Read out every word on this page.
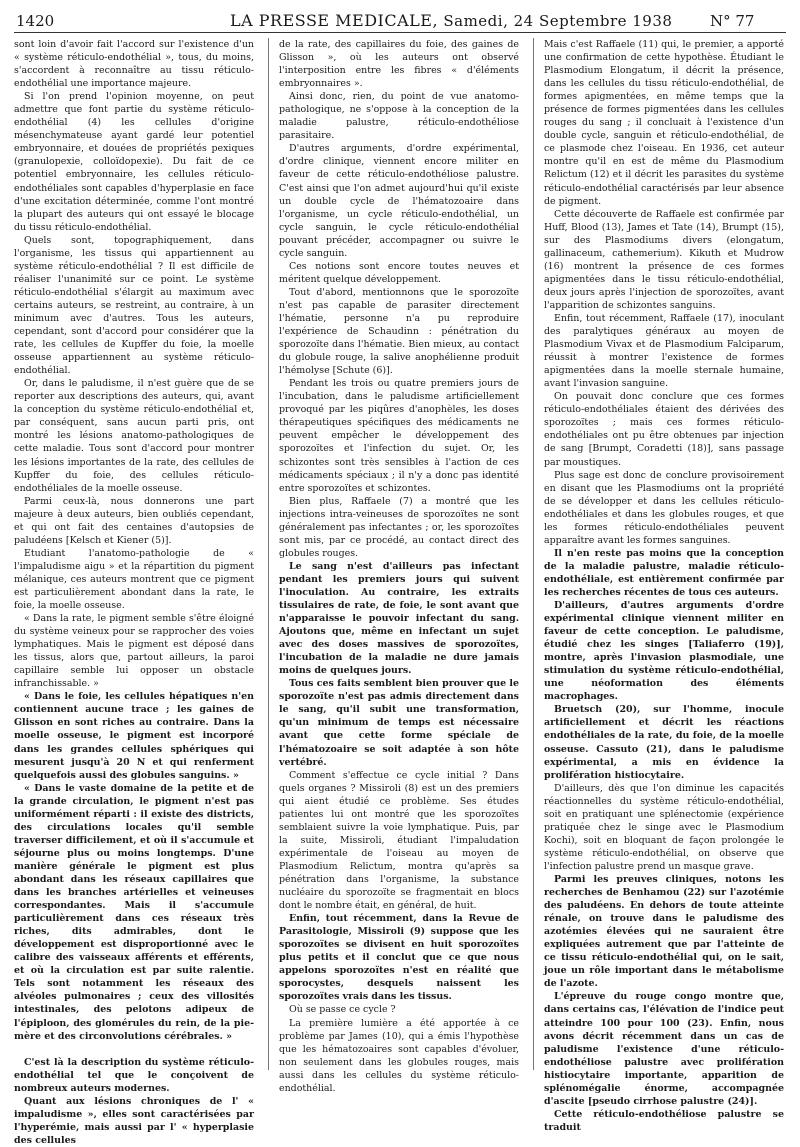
1420	LA PRESSE MEDICALE, Samedi, 24 Septembre 1938	N° 77

sont loin d'avoir fait l'accord sur l'existence d'un « système réticulo-endothélial », tous, du moins, s'accordent à reconnaître au tissu réticulo-endothélial une importance majeure.

Si l'on prend l'opinion moyenne, on peut admettre que font partie du système réticulo-endothélial (4) les cellules d'origine mésenchymateuse ayant gardé leur potentiel embryonnaire, et douées de propriétés pexiques (granulopexie, colloïdopexie). Du fait de ce potentiel embryonnaire, les cellules réticulo-endothéliales sont capables d'hyperplasie en face d'une excitation déterminée, comme l'ont montré la plupart des auteurs qui ont essayé le blocage du tissu réticulo-endothélial.

Quels sont, topographiquement, dans l'organisme, les tissus qui appartiennent au système réticulo-endothélial ? Il est difficile de réaliser l'unanimité sur ce point. Le système réticulo-endothélial s'élargit au maximum avec certains auteurs, se restreint, au contraire, à un minimum avec d'autres. Tous les auteurs, cependant, sont d'accord pour considérer que la rate, les cellules de Kupffer du foie, la moelle osseuse appartiennent au système réticulo-endothélial.

Or, dans le paludisme, il n'est guère que de se reporter aux descriptions des auteurs, qui, avant la conception du système réticulo-endothélial et, par conséquent, sans aucun parti pris, ont montré les lésions anatomo-pathologiques de cette maladie. Tous sont d'accord pour montrer les lésions importantes de la rate, des cellules de Kupffer du foie, des cellules réticulo-endothéliales de la moelle osseuse.

Parmi ceux-là, nous donnerons une part majeure à deux auteurs, bien oubliés cependant, et qui ont fait des centaines d'autopsies de paludéens [Kelsch et Kiener (5)].

Etudiant l'anatomo-pathologie de « l'impaludisme aigu » et la répartition du pigment mélanique, ces auteurs montrent que ce pigment est particulièrement abondant dans la rate, le foie, la moelle osseuse.

« Dans la rate, le pigment semble s'être éloigné du système veineux pour se rapprocher des voies lymphatiques. Mais le pigment est déposé dans les tissus, alors que, partout ailleurs, la paroi capillaire semble lui opposer un obstacle infranchissable. »

« Dans le foie, les cellules hépatiques n'en contiennent aucune trace ; les gaines de Glisson en sont riches au contraire. Dans la moelle osseuse, le pigment est incorporé dans les grandes cellules sphériques qui mesurent jusqu'à 20 N et qui renferment quelquefois aussi des globules sanguins. »

« Dans le vaste domaine de la petite et de la grande circulation, le pigment n'est pas uniformément réparti : il existe des districts, des circulations locales qu'il semble traverser difficilement, et où il s'accumule et séjourne plus ou moins longtemps. D'une manière générale le pigment est plus abondant dans les réseaux capillaires que dans les branches artérielles et veineuses correspondantes. Mais il s'accumule particulièrement dans ces réseaux très riches, dits admirables, dont le développement est disproportionné avec le calibre des vaisseaux afférents et efférents, et où la circulation est par suite ralentie. Tels sont notamment les réseaux des alvéoles pulmonaires ; ceux des villosités intestinales, des pelotons adipeux de l'épiploon, des glomérules du rein, de la pie-mère et des circonvolutions cérébrales. »

C'est là la description du système réticulo-endothélial tel que le conçoivent de nombreux auteurs modernes.

Quant aux lésions chroniques de l' « impaludisme », elles sont caractérisées par l'hyperémie, mais aussi par l' « hyperplasie des cellules

de la rate, des capillaires du foie, des gaines de Glisson », où les auteurs ont observé l'interposition entre les fibres « d'éléments embryonnaires ».

Ainsi donc, rien, du point de vue anatomo-pathologique, ne s'oppose à la conception de la maladie palustre, réticulo-endothéliose parasitaire.

D'autres arguments, d'ordre expérimental, d'ordre clinique, viennent encore militer en faveur de cette réticulo-endothéliose palustre. C'est ainsi que l'on admet aujourd'hui qu'il existe un double cycle de l'hématozoaire dans l'organisme, un cycle réticulo-endothélial, un cycle sanguin, le cycle réticulo-endothélial pouvant précéder, accompagner ou suivre le cycle sanguin.

Ces notions sont encore toutes neuves et méritent quelque développement.

Tout d'abord, mentionnons que le sporozoïte n'est pas capable de parasiter directement l'hématie, personne n'a pu reproduire l'expérience de Schaudinn : pénétration du sporozoïte dans l'hématie. Bien mieux, au contact du globule rouge, la salive anophélienne produit l'hémolyse [Schute (6)].

Pendant les trois ou quatre premiers jours de l'incubation, dans le paludisme artificiellement provoqué par les piqûres d'anophèles, les doses thérapeutiques spécifiques des médicaments ne peuvent empêcher le développement des sporozoïtes et l'infection du sujet. Or, les schizontes sont très sensibles à l'action de ces médicaments spéciaux ; il n'y a donc pas identité entre sporozoïtes et schizontes.

Bien plus, Raffaele (7) a montré que les injections intra-veineuses de sporozoïtes ne sont généralement pas infectantes ; or, les sporozoïtes sont mis, par ce procédé, au contact direct des globules rouges.

Le sang n'est d'ailleurs pas infectant pendant les premiers jours qui suivent l'inoculation. Au contraire, les extraits tissulaires de rate, de foie, le sont avant que n'apparaisse le pouvoir infectant du sang. Ajoutons que, même en infectant un sujet avec des doses massives de sporozoïtes, l'incubation de la maladie ne dure jamais moins de quelques jours.

Tous ces faits semblent bien prouver que le sporozoïte n'est pas admis directement dans le sang, qu'il subit une transformation, qu'un minimum de temps est nécessaire avant que cette forme spéciale de l'hématozoaire se soit adaptée à son hôte vertébré.

Comment s'effectue ce cycle initial ? Dans quels organes ? Missiroli (8) est un des premiers qui aient étudié ce problème. Ses études patientes lui ont montré que les sporozoïtes semblaient suivre la voie lymphatique. Puis, par la suite, Missiroli, étudiant l'impaludation expérimentale de l'oiseau au moyen de Plasmodium Relictum, montra qu'après sa pénétration dans l'organisme, la substance nucléaire du sporozoïte se fragmentait en blocs dont le nombre était, en général, de huit.

Enfin, tout récemment, dans la Revue de Parasitologie, Missiroli (9) suppose que les sporozoïtes se divisent en huit sporozoïtes plus petits et il conclut que ce que nous appelons sporozoïtes n'est en réalité que sporocystes, desquels naissent les sporozoïtes vrais dans les tissus.

Où se passe ce cycle ?

La première lumière a été apportée à ce problème par James (10), qui a émis l'hypothèse que les hématozoaires sont capables d'évoluer, non seulement dans les globules rouges, mais aussi dans les cellules du système réticulo-endothélial.

Mais c'est Raffaele (11) qui, le premier, a apporté une confirmation de cette hypothèse. Étudiant le Plasmodium Elongatum, il décrit la présence, dans les cellules du tissu réticulo-endothélial, de formes apigmentées, en même temps que la présence de formes pigmentées dans les cellules rouges du sang ; il concluait à l'existence d'un double cycle, sanguin et réticulo-endothélial, de ce plasmode chez l'oiseau. En 1936, cet auteur montre qu'il en est de même du Plasmodium Relictum (12) et il décrit les parasites du système réticulo-endothélial caractérisés par leur absence de pigment.

Cette découverte de Raffaele est confirmée par Huff, Blood (13), James et Tate (14), Brumpt (15), sur des Plasmodiums divers (elongatum, gallinaceum, cathemerium). Kikuth et Mudrow (16) montrent la présence de ces formes apigmentées dans le tissu réticulo-endothélial, deux jours après l'injection de sporozoïtes, avant l'apparition de schizontes sanguins.

Enfin, tout récemment, Raffaele (17), inoculant des paralytiques généraux au moyen de Plasmodium Vivax et de Plasmodium Falciparum, réussit à montrer l'existence de formes apigmentées dans la moelle sternale humaine, avant l'invasion sanguine.

On pouvait donc conclure que ces formes réticulo-endothéliales étaient des dérivées des sporozoïtes ; mais ces formes réticulo-endothéliales ont pu être obtenues par injection de sang [Brumpt, Coradetti (18)], sans passage par moustiques.

Plus sage est donc de conclure provisoirement en disant que les Plasmodiums ont la propriété de se développer et dans les cellules réticulo-endothéliales et dans les globules rouges, et que les formes réticulo-endothéliales peuvent apparaître avant les formes sanguines.

Il n'en reste pas moins que la conception de la maladie palustre, maladie réticulo-endothéliale, est entièrement confirmée par les recherches récentes de tous ces auteurs.

D'ailleurs, d'autres arguments d'ordre expérimental clinique viennent militer en faveur de cette conception. Le paludisme, étudié chez les singes [Taliaferro (19)], montre, après l'invasion plasmodiale, une stimulation du système réticulo-endothélial, une néoformation des éléments macrophages.

Bruetsch (20), sur l'homme, inocule artificiellement et décrit les réactions endothéliales de la rate, du foie, de la moelle osseuse. Cassuto (21), dans le paludisme expérimental, a mis en évidence la prolifération histiocytaire.

D'ailleurs, dès que l'on diminue les capacités réactionnelles du système réticulo-endothélial, soit en pratiquant une splénectomie (expérience pratiquée chez le singe avec le Plasmodium Kochi), soit en bloquant de façon prolongée le système réticulo-endothélial, on observe que l'infection palustre prend un masque grave.

Parmi les preuves cliniques, notons les recherches de Benhamou (22) sur l'azotémie des paludéens. En dehors de toute atteinte rénale, on trouve dans le paludisme des azotémies élevées qui ne sauraient être expliquées autrement que par l'atteinte de ce tissu réticulo-endothélial qui, on le sait, joue un rôle important dans le métabolisme de l'azote.

L'épreuve du rouge congo montre que, dans certains cas, l'élévation de l'indice peut atteindre 100 pour 100 (23). Enfin, nous avons décrit récemment dans un cas de paludisme l'existence d'une réticulo-endothéliose palustre avec prolifération histiocytaire importante, apparition de splénomégalie énorme, accompagnée d'ascite [pseudo cirrhose palustre (24)].

Cette réticulo-endothéliose palustre se traduit
